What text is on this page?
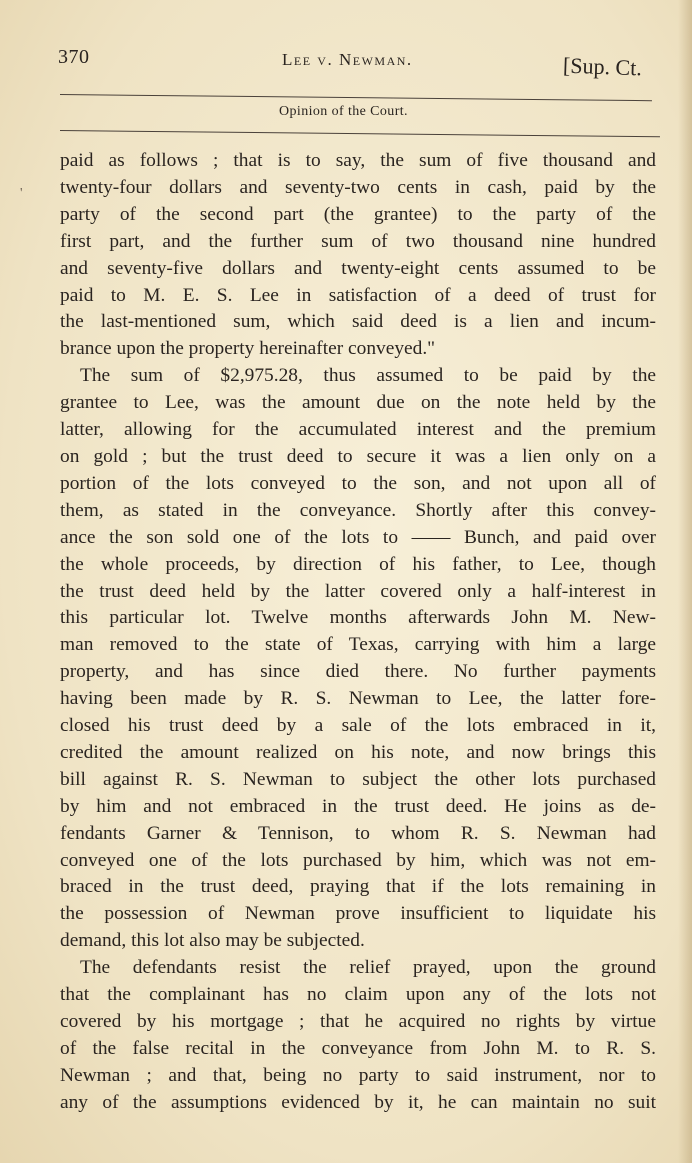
370	Lee v. Newman.	[Sup. Ct.
Opinion of the Court.
'
paid as follows ; that is to say, the sum of five thousand and
twenty-four dollars and seventy-two cents in cash, paid by the
party of the second part (the grantee) to the party of the
first part, and the further sum of two thousand nine hundred
and seventy-five dollars and twenty-eight cents assumed to be
paid to M. E. S. Lee in satisfaction of a deed of trust for
the last-mentioned sum, which said deed is a lien and incum-
brance upon the property hereinafter conveyed."
The sum of $2,975.28, thus assumed to be paid by the
grantee to Lee, was the amount due on the note held by the
latter, allowing for the accumulated interest and the premium
on gold ; but the trust deed to secure it was a lien only on a
portion of the lots conveyed to the son, and not upon all of
them, as stated in the conveyance. Shortly after this convey-
ance the son sold one of the lots to —— Bunch, and paid over
the whole proceeds, by direction of his father, to Lee, though
the trust deed held by the latter covered only a half-interest in
this particular lot. Twelve months afterwards John M. New-
man removed to the state of Texas, carrying with him a large
property, and has since died there. No further payments
having been made by R. S. Newman to Lee, the latter fore-
closed his trust deed by a sale of the lots embraced in it,
credited the amount realized on his note, and now brings this
bill against R. S. Newman to subject the other lots purchased
by him and not embraced in the trust deed. He joins as de-
fendants Garner & Tennison, to whom R. S. Newman had
conveyed one of the lots purchased by him, which was not em-
braced in the trust deed, praying that if the lots remaining in
the possession of Newman prove insufficient to liquidate his
demand, this lot also may be subjected.
The defendants resist the relief prayed, upon the ground
that the complainant has no claim upon any of the lots not
covered by his mortgage ; that he acquired no rights by virtue
of the false recital in the conveyance from John M. to R. S.
Newman ; and that, being no party to said instrument, nor to
any of the assumptions evidenced by it, he can maintain no suit
